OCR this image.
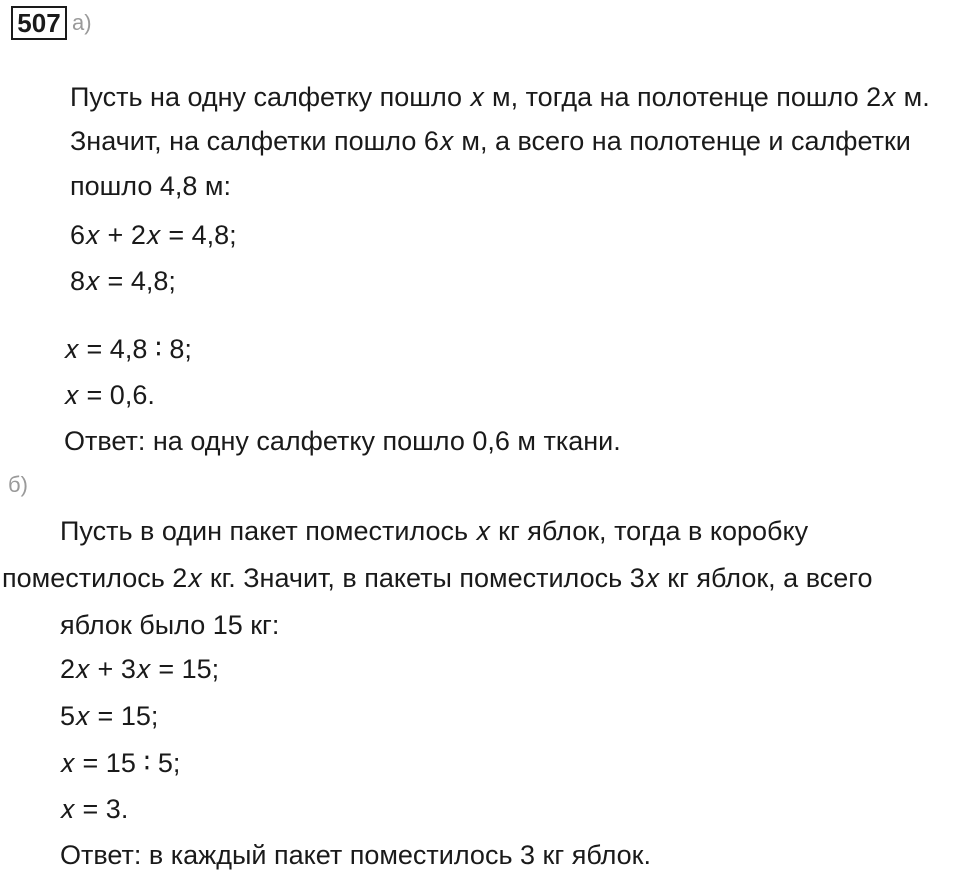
507 а)
Пусть на одну салфетку пошло 𝑥 м, тогда на полотенце пошло 2𝑥 м.
Значит, на салфетки пошло 6𝑥 м, а всего на полотенце и салфетки
пошло 4,8 м:
6𝑥 + 2𝑥 = 4,8;
8𝑥 = 4,8;
𝑥 = 4,8 ∶ 8;
𝑥 = 0,6.
Ответ: на одну салфетку пошло 0,6 м ткани.
б)
Пусть в один пакет поместилось 𝑥 кг яблок, тогда в коробку
поместилось 2𝑥 кг. Значит, в пакеты поместилось 3𝑥 кг яблок, а всего
яблок было 15 кг:
2𝑥 + 3𝑥 = 15;
5𝑥 = 15;
𝑥 = 15 ∶ 5;
𝑥 = 3.
Ответ: в каждый пакет поместилось 3 кг яблок.
